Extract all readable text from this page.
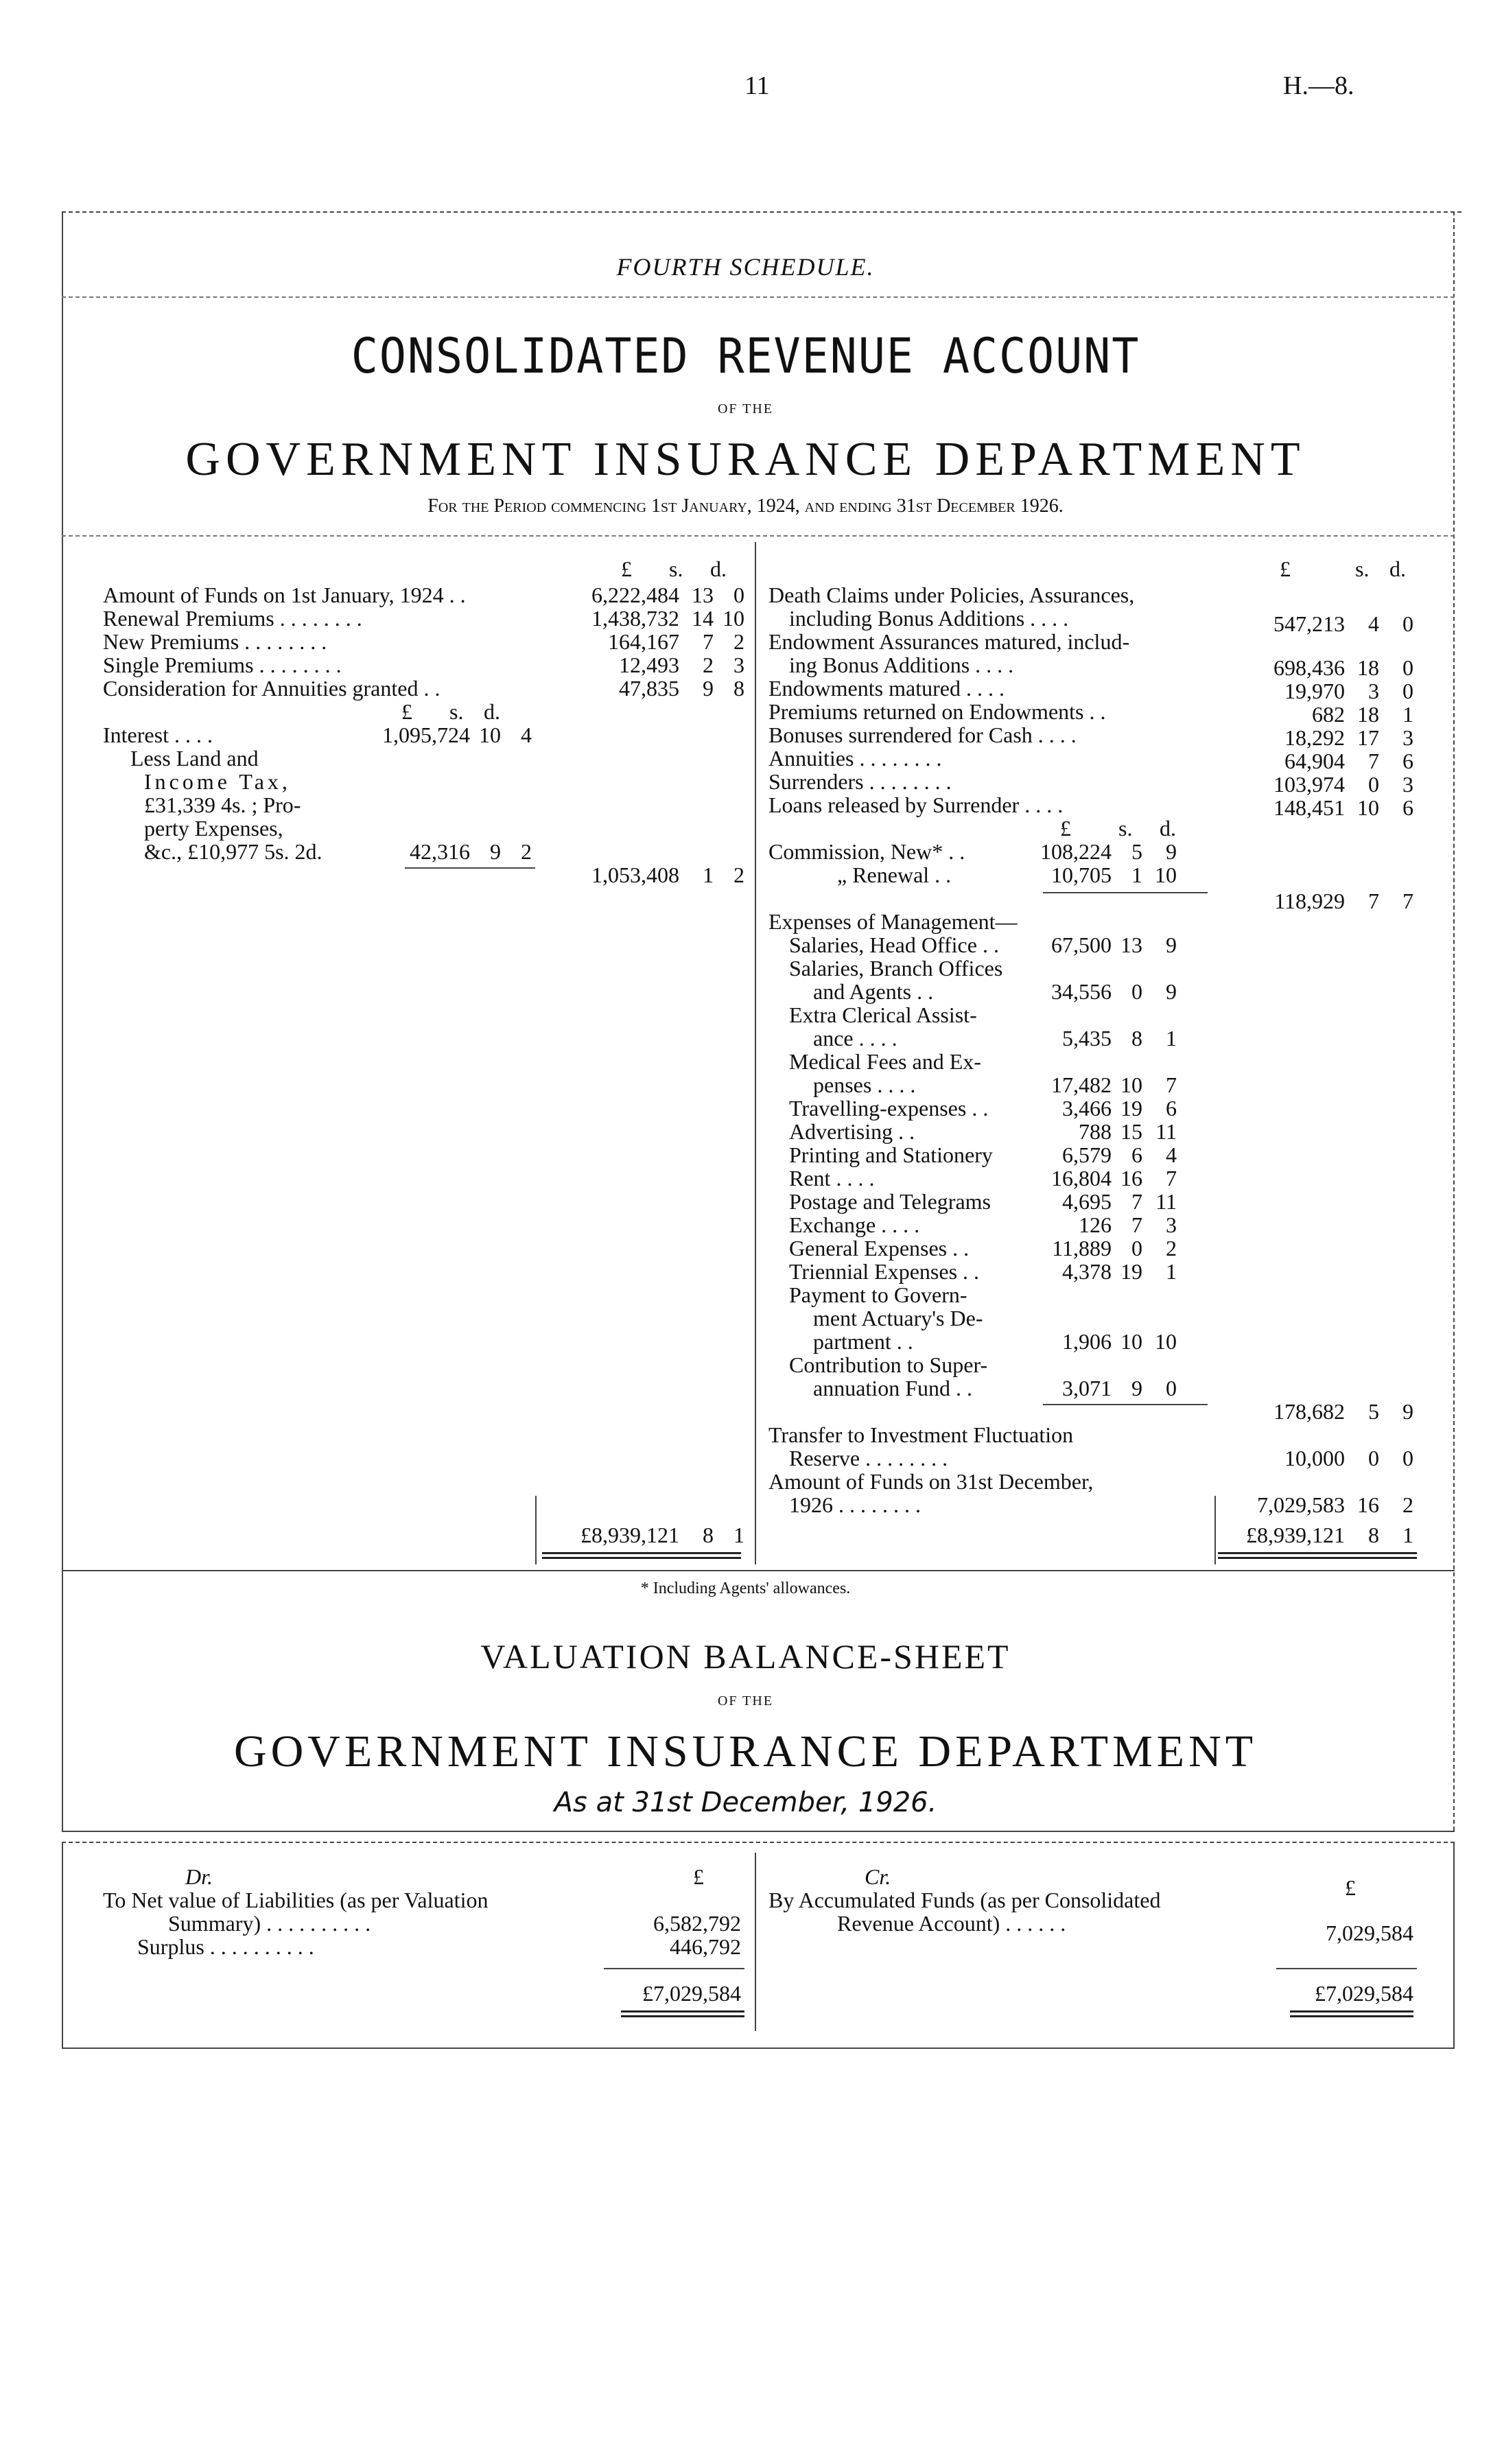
11	H.—8.
FOURTH SCHEDULE.
CONSOLIDATED REVENUE ACCOUNT
OF THE
GOVERNMENT INSURANCE DEPARTMENT
For the Period commencing 1st January, 1924, and ending 31st December 1926.
£ s. d.
Amount of Funds on 1st January, 1924 . .	6,222,484 13 0
Renewal Premiums . . . . . . . .	1,438,732 14 10
New Premiums . . . . . . . .	164,167	7 2
Single Premiums . . . . . . . .	12,493	2 3
Consideration for Annuities granted . .	47,835	9 8
£ s. d.
Interest . . . .	1,095,724 10 4
Less Land and
Income Tax,
£31,339 4s. ; Pro-
perty Expenses,
&c., £10,977 5s. 2d.	42,316 9 2
1,053,408	1 2
£8,939,121	8 1
£	s. d.
Death Claims under Policies, Assurances,
including Bonus Additions . . . .	547,213	4	0
Endowment Assurances matured, includ-
ing Bonus Additions . . . .	698,436 18	0
Endowments matured . . . .	19,970	3	0
Premiums returned on Endowments . .	682 18	1
Bonuses surrendered for Cash . . . .	18,292 17	3
Annuities . . . . . . . .	64,904	7	6
Surrenders . . . . . . . .	103,974	0	3
Loans released by Surrender . . . .	148,451 10	6
£ s. d.
Commission, New* . .	108,224 5	9
„ Renewal . .	10,705 1 10
118,929	7	7
Expenses of Management—
Salaries, Head Office . .	67,500 13	9
Salaries, Branch Offices
and Agents . .	34,556 0	9
Extra Clerical Assist-
ance . . . .	5,435 8	1
Medical Fees and Ex-
penses . . . .	17,482 10	7
Travelling-expenses . .	3,466 19	6
Advertising . .	788 15 11
Printing and Stationery	6,579 6	4
Rent . . . .	16,804 16	7
Postage and Telegrams	4,695 7 11
Exchange . . . .	126 7	3
General Expenses . .	11,889 0	2
Triennial Expenses . .	4,378 19	1
Payment to Govern-
ment Actuary's De-
partment . .	1,906 10 10
Contribution to Super-
annuation Fund . .	3,071 9	0
178,682	5	9
Transfer to Investment Fluctuation
Reserve . . . . . . . .	10,000	0	0
Amount of Funds on 31st December,
1926 . . . . . . . .	7,029,583 16	2
£8,939,121	8	1
* Including Agents' allowances.
VALUATION BALANCE-SHEET
OF THE
GOVERNMENT INSURANCE DEPARTMENT
As at 31st December, 1926.
Dr.	£
To Net value of Liabilities (as per Valuation
Summary) . . . . . . . . . .	6,582,792
Surplus . . . . . . . . . .	446,792
£7,029,584
Cr.	£
By Accumulated Funds (as per Consolidated
Revenue Account) . . . . . .	7,029,584
£7,029,584
